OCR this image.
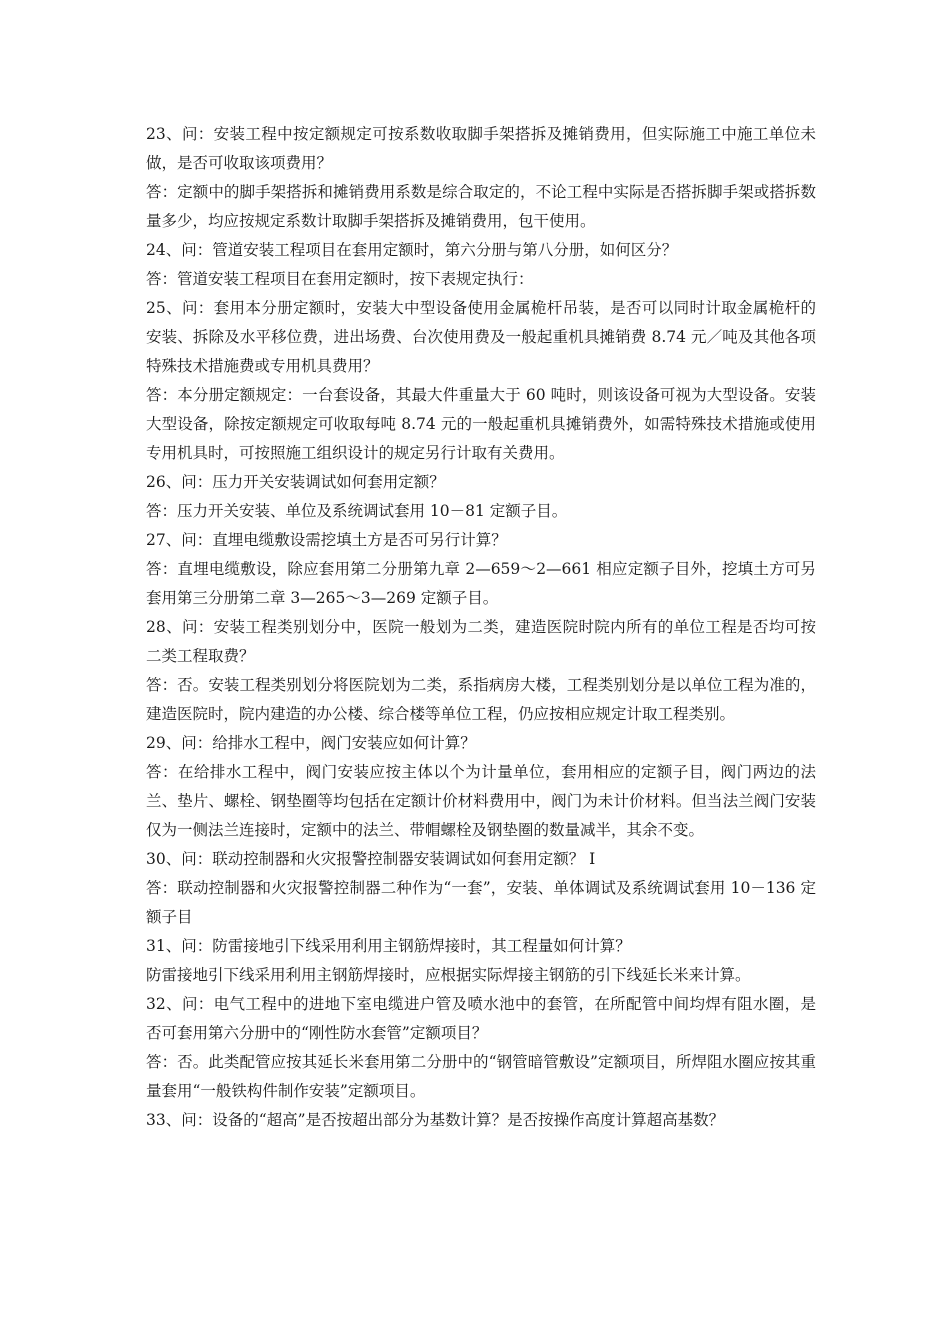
23、问：安装工程中按定额规定可按系数收取脚手架搭拆及摊销费用，但实际施工中施工单位未做，是否可收取该项费用？

答：定额中的脚手架搭拆和摊销费用系数是综合取定的，不论工程中实际是否搭拆脚手架或搭拆数量多少，均应按规定系数计取脚手架搭拆及摊销费用，包干使用。

24、问：管道安装工程项目在套用定额时，第六分册与第八分册，如何区分？

答：管道安装工程项目在套用定额时，按下表规定执行：

25、问：套用本分册定额时，安装大中型设备使用金属桅杆吊装，是否可以同时计取金属桅杆的安装、拆除及水平移位费，进出场费、台次使用费及一般起重机具摊销费 8.74 元／吨及其他各项特殊技术措施费或专用机具费用？

答：本分册定额规定：一台套设备，其最大件重量大于 60 吨时，则该设备可视为大型设备。安装大型设备，除按定额规定可收取每吨 8.74 元的一般起重机具摊销费外，如需特殊技术措施或使用专用机具时，可按照施工组织设计的规定另行计取有关费用。

26、问：压力开关安装调试如何套用定额？

答：压力开关安装、单位及系统调试套用 10－81 定额子目。

27、问：直埋电缆敷设需挖填土方是否可另行计算？

答：直埋电缆敷设，除应套用第二分册第九章 2—659～2—661 相应定额子目外，挖填土方可另套用第三分册第二章 3—265～3—269 定额子目。

28、问：安装工程类别划分中，医院一般划为二类，建造医院时院内所有的单位工程是否均可按二类工程取费？

答：否。安装工程类别划分将医院划为二类，系指病房大楼，工程类别划分是以单位工程为准的，建造医院时，院内建造的办公楼、综合楼等单位工程，仍应按相应规定计取工程类别。

29、问：给排水工程中，阀门安装应如何计算？

答：在给排水工程中，阀门安装应按主体以个为计量单位，套用相应的定额子目，阀门两边的法兰、垫片、螺栓、钢垫圈等均包括在定额计价材料费用中，阀门为未计价材料。但当法兰阀门安装仅为一侧法兰连接时，定额中的法兰、带帽螺栓及钢垫圈的数量减半，其余不变。

30、问：联动控制器和火灾报警控制器安装调试如何套用定额？ I

答：联动控制器和火灾报警控制器二种作为“一套”，安装、单体调试及系统调试套用 10－136 定额子目

31、问：防雷接地引下线采用利用主钢筋焊接时，其工程量如何计算？

防雷接地引下线采用利用主钢筋焊接时，应根据实际焊接主钢筋的引下线延长米来计算。

32、问：电气工程中的进地下室电缆进户管及喷水池中的套管，在所配管中间均焊有阻水圈，是否可套用第六分册中的“刚性防水套管”定额项目？

答：否。此类配管应按其延长米套用第二分册中的“钢管暗管敷设”定额项目，所焊阻水圈应按其重量套用“一般铁构件制作安装”定额项目。

33、问：设备的“超高”是否按超出部分为基数计算？是否按操作高度计算超高基数？
